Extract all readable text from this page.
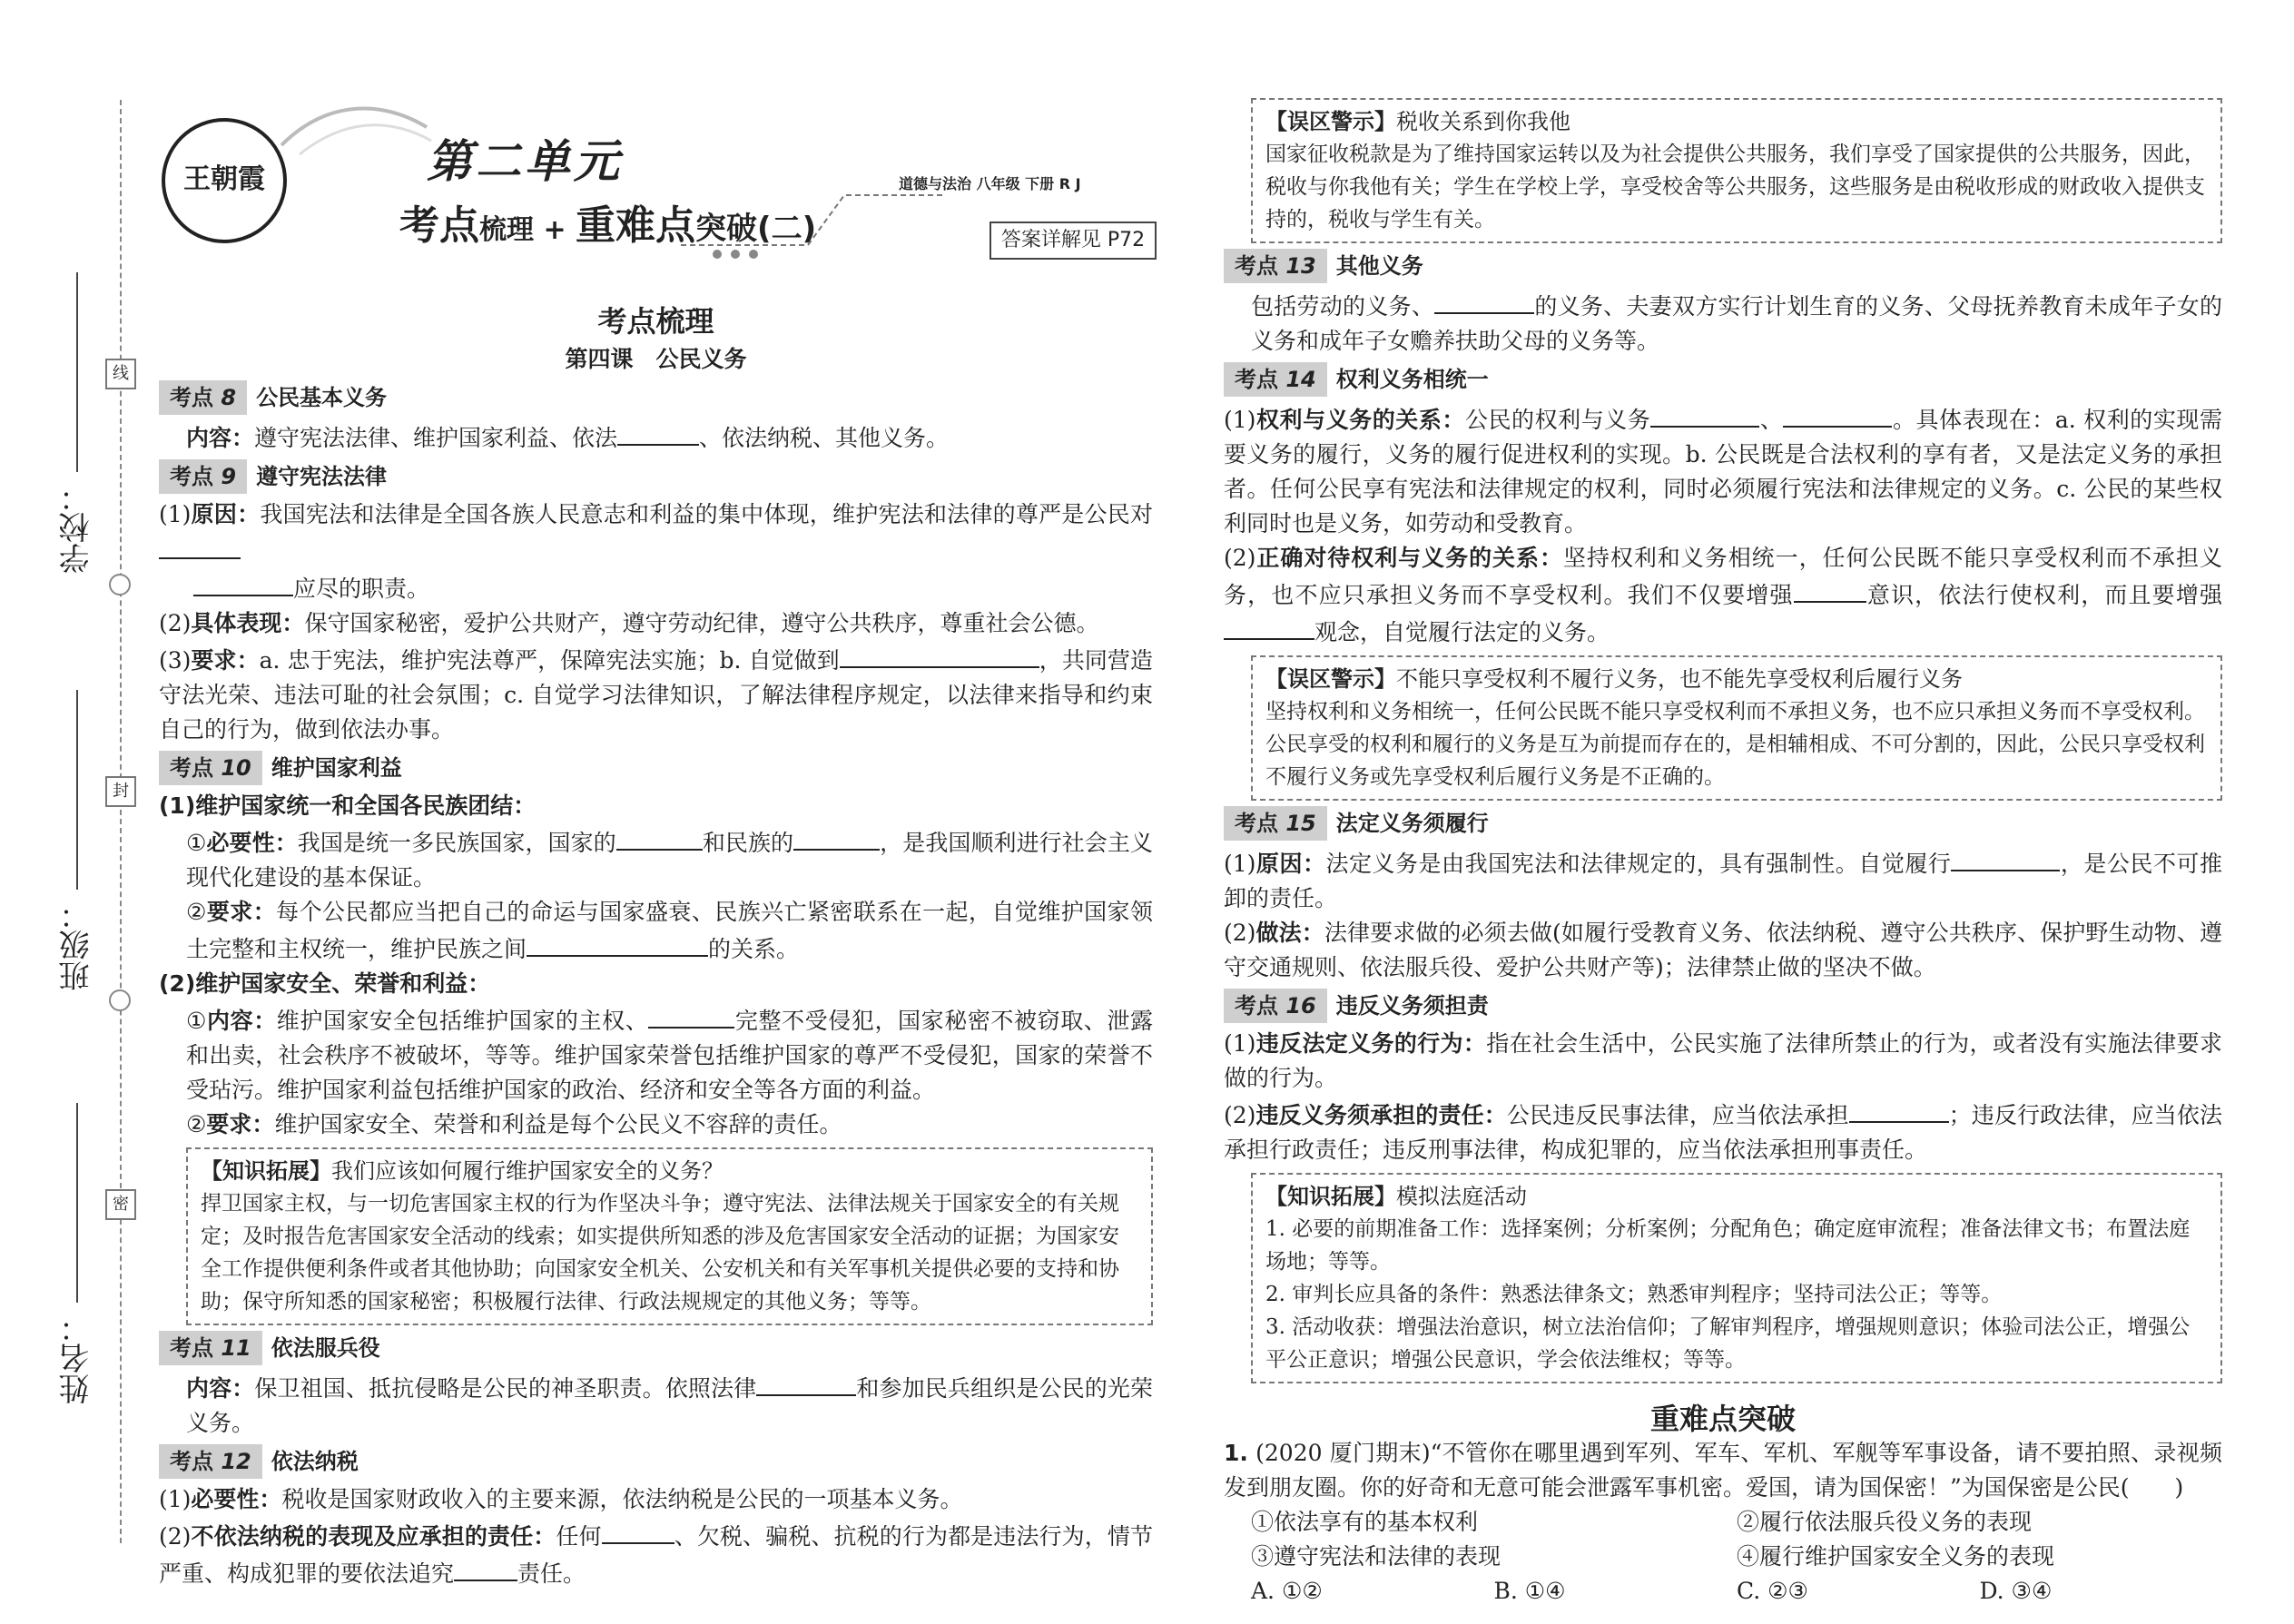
线
封
密
学校：
班级：
姓名：
王朝霞	第二单元
考点梳理 + 重难点突破(二)
道德与法治 八年级 下册 R J
答案详解见 P72
考点梳理
第四课　公民义务
考点 8 公民基本义务

内容：遵守宪法法律、维护国家利益、依法	、依法纳税、其他义务。

考点 9 遵守宪法法律

(1)原因：我国宪法和法律是全国各族人民意志和利益的集中体现，维护宪法和法律的尊严是公民对
应尽的职责。

(2)具体表现：保守国家秘密，爱护公共财产，遵守劳动纪律，遵守公共秩序，尊重社会公德。

(3)要求：a. 忠于宪法，维护宪法尊严，保障宪法实施；b. 自觉做到	，共同营造守法光荣、违法可耻的社会氛围；c. 自觉学习法律知识，了解法律程序规定，以法律来指导和约束自己的行为，做到依法办事。

考点 10 维护国家利益

(1)维护国家统一和全国各民族团结：

①必要性：我国是统一多民族国家，国家的	和民族的	，是我国顺利进行社会主义现代化建设的基本保证。

②要求：每个公民都应当把自己的命运与国家盛衰、民族兴亡紧密联系在一起，自觉维护国家领土完整和主权统一，维护民族之间	的关系。

(2)维护国家安全、荣誉和利益：

①内容：维护国家安全包括维护国家的主权、	完整不受侵犯，国家秘密不被窃取、泄露和出卖，社会秩序不被破坏，等等。维护国家荣誉包括维护国家的尊严不受侵犯，国家的荣誉不受玷污。维护国家利益包括维护国家的政治、经济和安全等各方面的利益。

②要求：维护国家安全、荣誉和利益是每个公民义不容辞的责任。

【知识拓展】我们应该如何履行维护国家安全的义务？
捍卫国家主权，与一切危害国家主权的行为作坚决斗争；遵守宪法、法律法规关于国家安全的有关规定；及时报告危害国家安全活动的线索；如实提供所知悉的涉及危害国家安全活动的证据；为国家安全工作提供便利条件或者其他协助；向国家安全机关、公安机关和有关军事机关提供必要的支持和协助；保守所知悉的国家秘密；积极履行法律、行政法规规定的其他义务；等等。
考点 11 依法服兵役

内容：保卫祖国、抵抗侵略是公民的神圣职责。依照法律	和参加民兵组织是公民的光荣义务。

考点 12 依法纳税

(1)必要性：税收是国家财政收入的主要来源，依法纳税是公民的一项基本义务。

(2)不依法纳税的表现及应承担的责任：任何	、欠税、骗税、抗税的行为都是违法行为，情节严重、构成犯罪的要依法追究	责任。

【误区警示】税收关系到你我他
国家征收税款是为了维持国家运转以及为社会提供公共服务，我们享受了国家提供的公共服务，因此，税收与你我他有关；学生在学校上学，享受校舍等公共服务，这些服务是由税收形成的财政收入提供支持的，税收与学生有关。
考点 13 其他义务

包括劳动的义务、	的义务、夫妻双方实行计划生育的义务、父母抚养教育未成年子女的义务和成年子女赡养扶助父母的义务等。

考点 14 权利义务相统一

(1)权利与义务的关系：公民的权利与义务	、	。具体表现在：a. 权利的实现需要义务的履行，义务的履行促进权利的实现。b. 公民既是合法权利的享有者，又是法定义务的承担者。任何公民享有宪法和法律规定的权利，同时必须履行宪法和法律规定的义务。c. 公民的某些权利同时也是义务，如劳动和受教育。

(2)正确对待权利与义务的关系：坚持权利和义务相统一，任何公民既不能只享受权利而不承担义务，也不应只承担义务而不享受权利。我们不仅要增强	意识，依法行使权利，而且要增强观念，自觉履行法定的义务。

【误区警示】不能只享受权利不履行义务，也不能先享受权利后履行义务
坚持权利和义务相统一，任何公民既不能只享受权利而不承担义务，也不应只承担义务而不享受权利。公民享受的权利和履行的义务是互为前提而存在的，是相辅相成、不可分割的，因此，公民只享受权利不履行义务或先享受权利后履行义务是不正确的。
考点 15 法定义务须履行

(1)原因：法定义务是由我国宪法和法律规定的，具有强制性。自觉履行	，是公民不可推卸的责任。

(2)做法：法律要求做的必须去做(如履行受教育义务、依法纳税、遵守公共秩序、保护野生动物、遵守交通规则、依法服兵役、爱护公共财产等)；法律禁止做的坚决不做。

考点 16 违反义务须担责

(1)违反法定义务的行为：指在社会生活中，公民实施了法律所禁止的行为，或者没有实施法律要求做的行为。

(2)违反义务须承担的责任：公民违反民事法律，应当依法承担	；违反行政法律，应当依法承担行政责任；违反刑事法律，构成犯罪的，应当依法承担刑事责任。

【知识拓展】模拟法庭活动
1. 必要的前期准备工作：选择案例；分析案例；分配角色；确定庭审流程；准备法律文书；布置法庭场地；等等。
2. 审判长应具备的条件：熟悉法律条文；熟悉审判程序；坚持司法公正；等等。
3. 活动收获：增强法治意识，树立法治信仰；了解审判程序，增强规则意识；体验司法公正，增强公平公正意识；增强公民意识，学会依法维权；等等。
重难点突破

1. (2020 厦门期末)“不管你在哪里遇到军列、军车、军机、军舰等军事设备，请不要拍照、录视频发到朋友圈。你的好奇和无意可能会泄露军事机密。爱国，请为国保密！”为国保密是公民(　　)

①依法享有的基本权利	②履行依法服兵役义务的表现
③遵守宪法和法律的表现	④履行维护国家安全义务的表现
A. ①②	B. ①④	C. ②③	D. ③④
